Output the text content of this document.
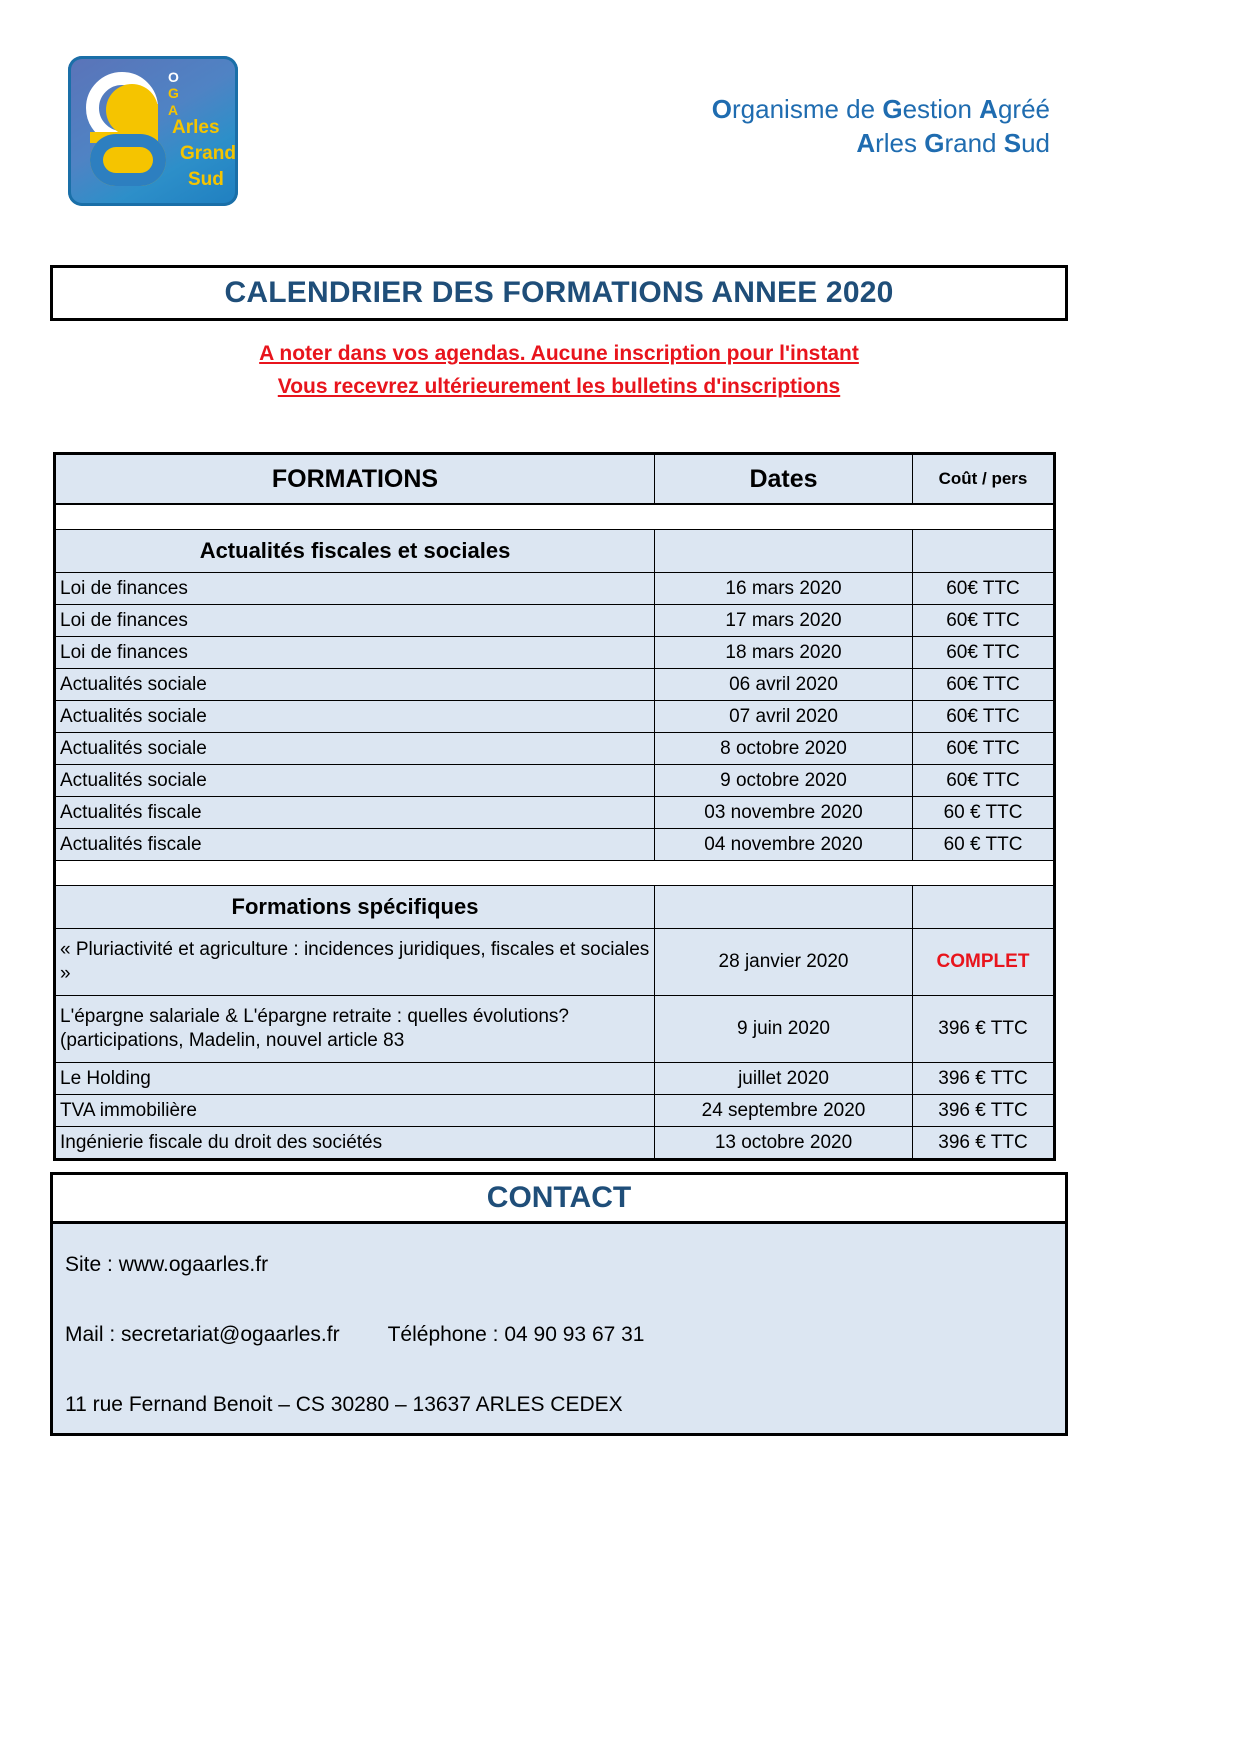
O
G
A
Arles
Grand
Sud
Organisme de Gestion Agréé
Arles Grand Sud
CALENDRIER DES FORMATIONS ANNEE 2020
A noter dans vos agendas. Aucune inscription pour l'instant
Vous recevrez ultérieurement les bulletins d'inscriptions
FORMATIONS	Dates	Coût / pers

Actualités fiscales et sociales		
Loi de finances	16 mars 2020	60€ TTC
Loi de finances	17 mars 2020	60€ TTC
Loi de finances	18 mars 2020	60€ TTC
Actualités sociale	06 avril 2020	60€ TTC
Actualités sociale	07 avril 2020	60€ TTC
Actualités sociale	8 octobre 2020	60€ TTC
Actualités sociale	9 octobre 2020	60€ TTC
Actualités fiscale	03 novembre 2020	60 € TTC
Actualités fiscale	04 novembre 2020	60 € TTC

Formations spécifiques		
« Pluriactivité et agriculture : incidences juridiques, fiscales et sociales »	28 janvier 2020	COMPLET
L'épargne salariale & L'épargne retraite : quelles évolutions? (participations, Madelin, nouvel article 83	9 juin 2020	396 € TTC
Le Holding	juillet 2020	396 € TTC
TVA immobilière	24 septembre 2020	396 € TTC
Ingénierie fiscale du droit des sociétés	13 octobre 2020	396 € TTC
CONTACT
Site : www.ogaarles.fr
Mail : secretariat@ogaarles.fr Téléphone : 04 90 93 67 31
11 rue Fernand Benoit – CS 30280 – 13637 ARLES CEDEX
